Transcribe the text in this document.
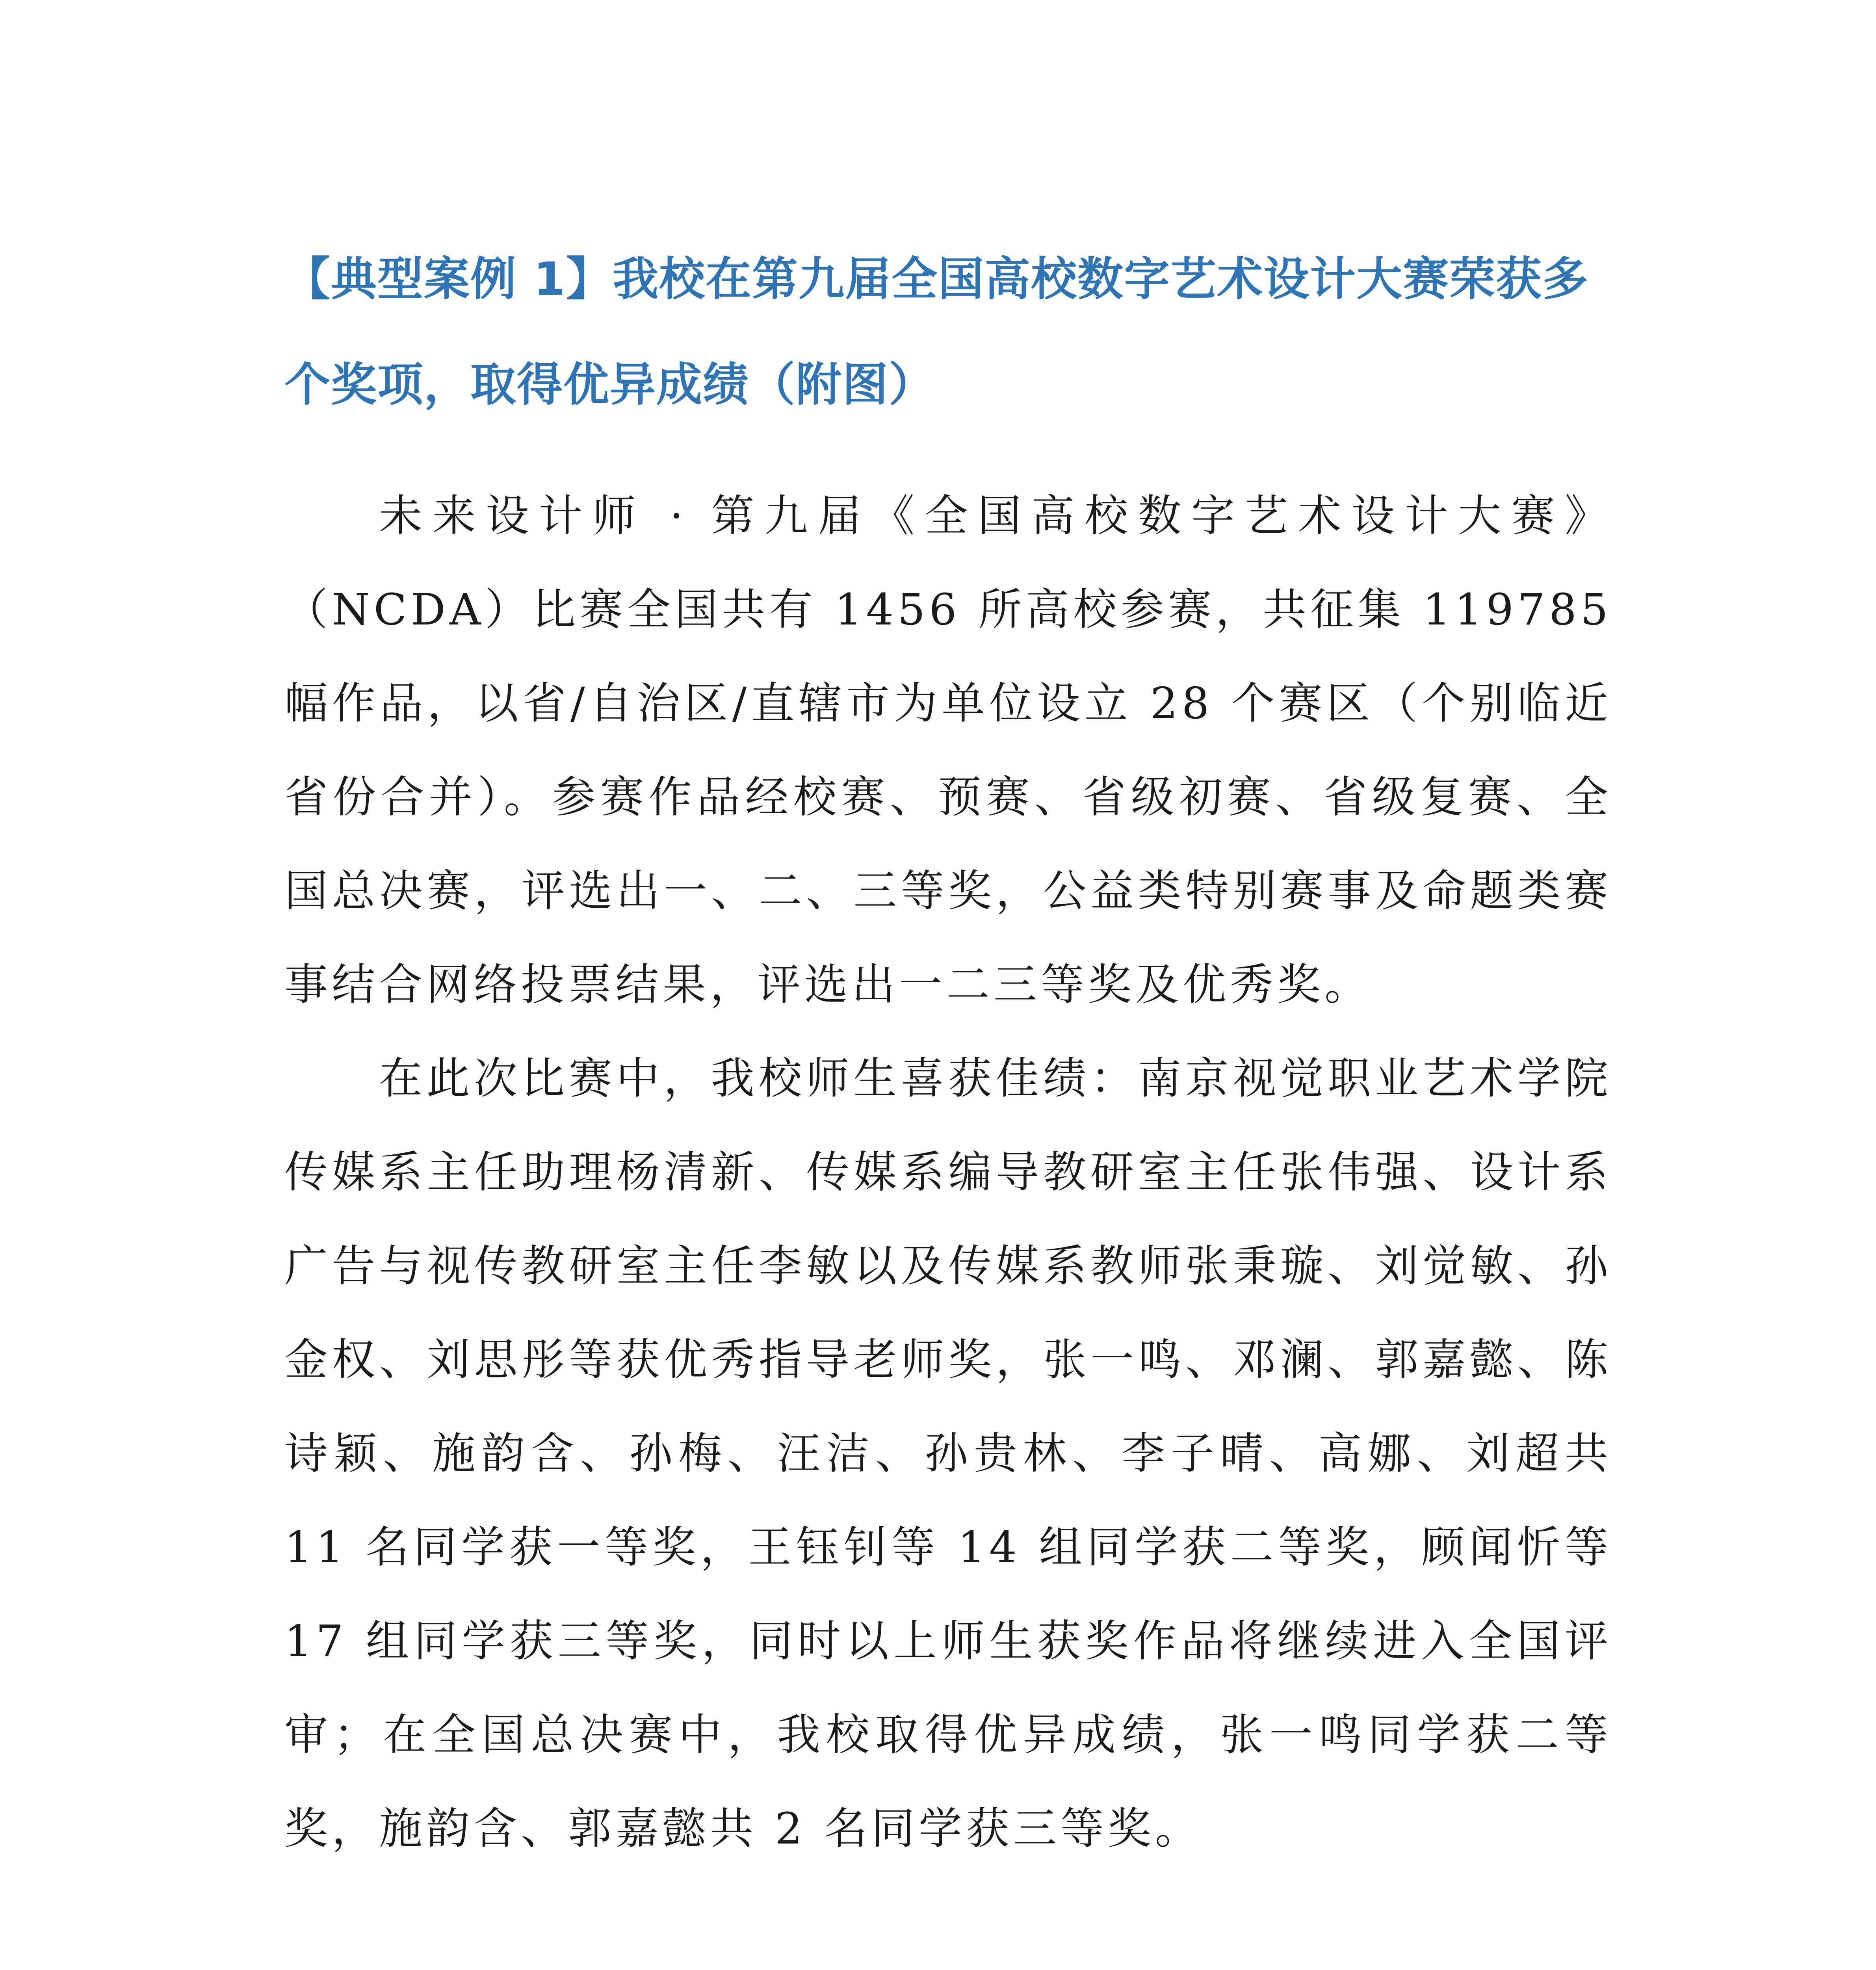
【典型案例 1】我校在第九届全国高校数字艺术设计大赛荣获多个奖项，取得优异成绩（附图）

未来设计师 · 第九届《全国高校数字艺术设计大赛》（NCDA）比赛全国共有 1456 所高校参赛，共征集 119785 幅作品，以省/自治区/直辖市为单位设立 28 个赛区（个别临近省份合并）。参赛作品经校赛、预赛、省级初赛、省级复赛、全国总决赛，评选出一、二、三等奖，公益类特别赛事及命题类赛事结合网络投票结果，评选出一二三等奖及优秀奖。

在此次比赛中，我校师生喜获佳绩：南京视觉职业艺术学院传媒系主任助理杨清新、传媒系编导教研室主任张伟强、设计系广告与视传教研室主任李敏以及传媒系教师张秉璇、刘觉敏、孙金权、刘思彤等获优秀指导老师奖，张一鸣、邓澜、郭嘉懿、陈诗颖、施韵含、孙梅、汪洁、孙贵林、李子晴、高娜、刘超共 11 名同学获一等奖，王钰钊等 14 组同学获二等奖，顾闻忻等 17 组同学获三等奖，同时以上师生获奖作品将继续进入全国评审；在全国总决赛中，我校取得优异成绩，张一鸣同学获二等奖，施韵含、郭嘉懿共 2 名同学获三等奖。
